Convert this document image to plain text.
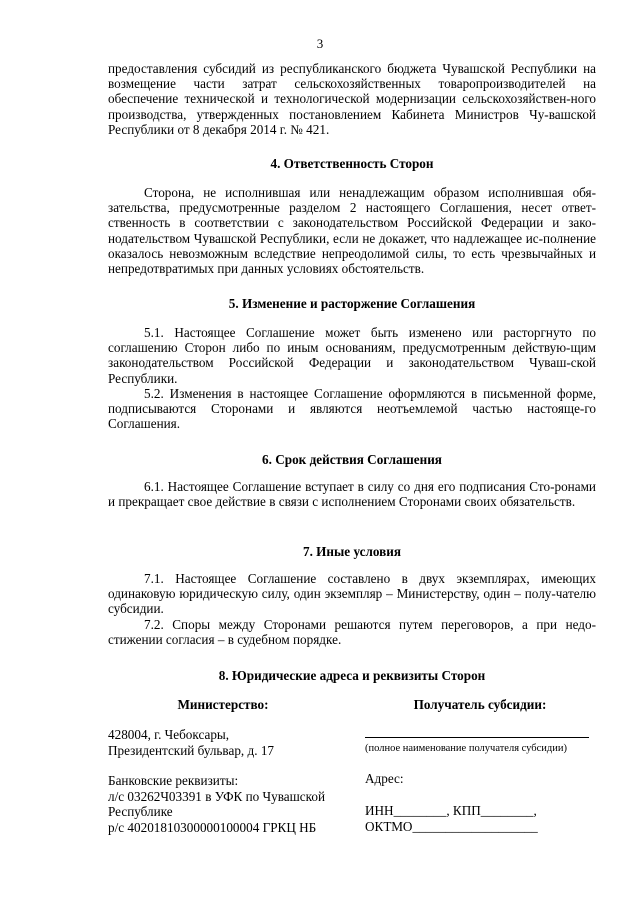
3

предоставления субсидий из республиканского бюджета Чувашской Республики на возмещение части затрат сельскохозяйственных товаропроизводителей на обеспечение технической и технологической модернизации сельскохозяйствен-ного производства, утвержденных постановлением Кабинета Министров Чу-вашской Республики от 8 декабря 2014 г. № 421.

4. Ответственность Сторон

Сторона, не исполнившая или ненадлежащим образом исполнившая обя-зательства, предусмотренные разделом 2 настоящего Соглашения, несет ответ-ственность в соответствии с законодательством Российской Федерации и зако-нодательством Чувашской Республики, если не докажет, что надлежащее ис-полнение оказалось невозможным вследствие непреодолимой силы, то есть чрезвычайных и непредотвратимых при данных условиях обстоятельств.

5. Изменение и расторжение Соглашения

5.1. Настоящее Соглашение может быть изменено или расторгнуто по соглашению Сторон либо по иным основаниям, предусмотренным действую-щим законодательством Российской Федерации и законодательством Чуваш-ской Республики.

5.2. Изменения в настоящее Соглашение оформляются в письменной форме, подписываются Сторонами и являются неотъемлемой частью настояще-го Соглашения.

6. Срок действия Соглашения

6.1. Настоящее Соглашение вступает в силу со дня его подписания Сто-ронами и прекращает свое действие в связи с исполнением Сторонами своих обязательств.

7. Иные условия

7.1. Настоящее Соглашение составлено в двух экземплярах, имеющих одинаковую юридическую силу, один экземпляр – Министерству, один – полу-чателю субсидии.

7.2. Споры между Сторонами решаются путем переговоров, а при недо-стижении согласия – в судебном порядке.

8. Юридические адреса и реквизиты Сторон
Министерство:	Получатель субсидии:
428004, г. Чебоксары,
Президентский бульвар, д. 17	(полное наименование получателя субсидии)
Банковские реквизиты:
л/с 03262Ч03391 в УФК по Чувашской
Республике
р/с 40201810300000100004 ГРКЦ НБ
Адрес:
ИНН________, КПП________,
ОКТМО___________________
